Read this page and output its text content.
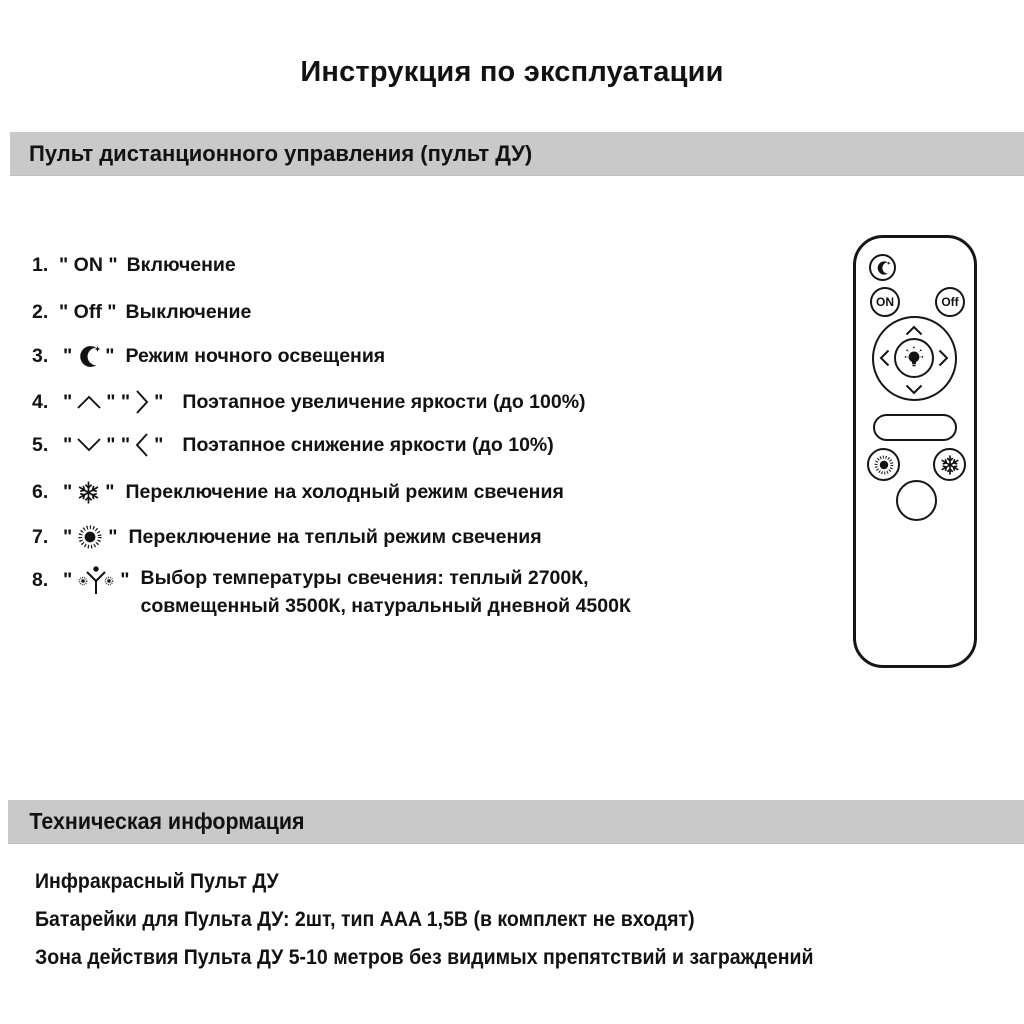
Инструкция по эксплуатации
Пульт дистанционного управления (пульт ДУ)
1. " ON " Включение
2. " Off " Выключение
3. " " Режим ночного освещения
4. " " " " Поэтапное увеличение яркости (до 100%)
5. " " " " Поэтапное снижение яркости (до 10%)
6. " " Переключение на холодный режим свечения
7. " " Переключение на теплый режим свечения
8. " " Выбор температуры свечения: теплый 2700К,
совмещенный 3500К, натуральный дневной 4500К
ON	Off
Техническая информация
Инфракрасный Пульт ДУ
Батарейки для Пульта ДУ: 2шт, тип AAA 1,5В (в комплект не входят)
Зона действия Пульта ДУ 5-10 метров без видимых препятствий и заграждений
